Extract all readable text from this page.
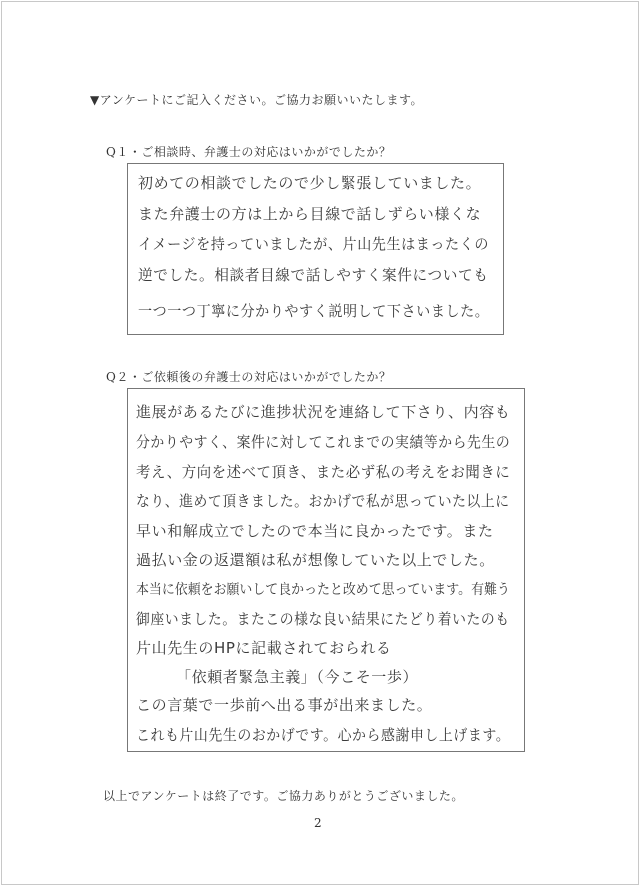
▼アンケートにご記入ください。ご協力お願いいたします。
Q１・ご相談時、弁護士の対応はいかがでしたか？
初めての相談でしたので少し緊張していました。
また弁護士の方は上から目線で話しずらい様くな
イメージを持っていましたが、片山先生はまったくの
逆でした。相談者目線で話しやすく案件についても
一つ一つ丁寧に分かりやすく説明して下さいました。
Q２・ご依頼後の弁護士の対応はいかがでしたか？
進展があるたびに進捗状況を連絡して下さり、内容も
分かりやすく、案件に対してこれまでの実績等から先生の
考え、方向を述べて頂き、また必ず私の考えをお聞きに
なり、進めて頂きました。おかげで私が思っていた以上に
早い和解成立でしたので本当に良かったです。また
過払い金の返還額は私が想像していた以上でした。
本当に依頼をお願いして良かったと改めて思っています。有難う
御座いました。またこの様な良い結果にたどり着いたのも
片山先生のHPに記載されておられる
「依頼者緊急主義」（今こそ一歩）
この言葉で一歩前へ出る事が出来ました。
これも片山先生のおかげです。心から感謝申し上げます。
以上でアンケートは終了です。ご協力ありがとうございました。
2
